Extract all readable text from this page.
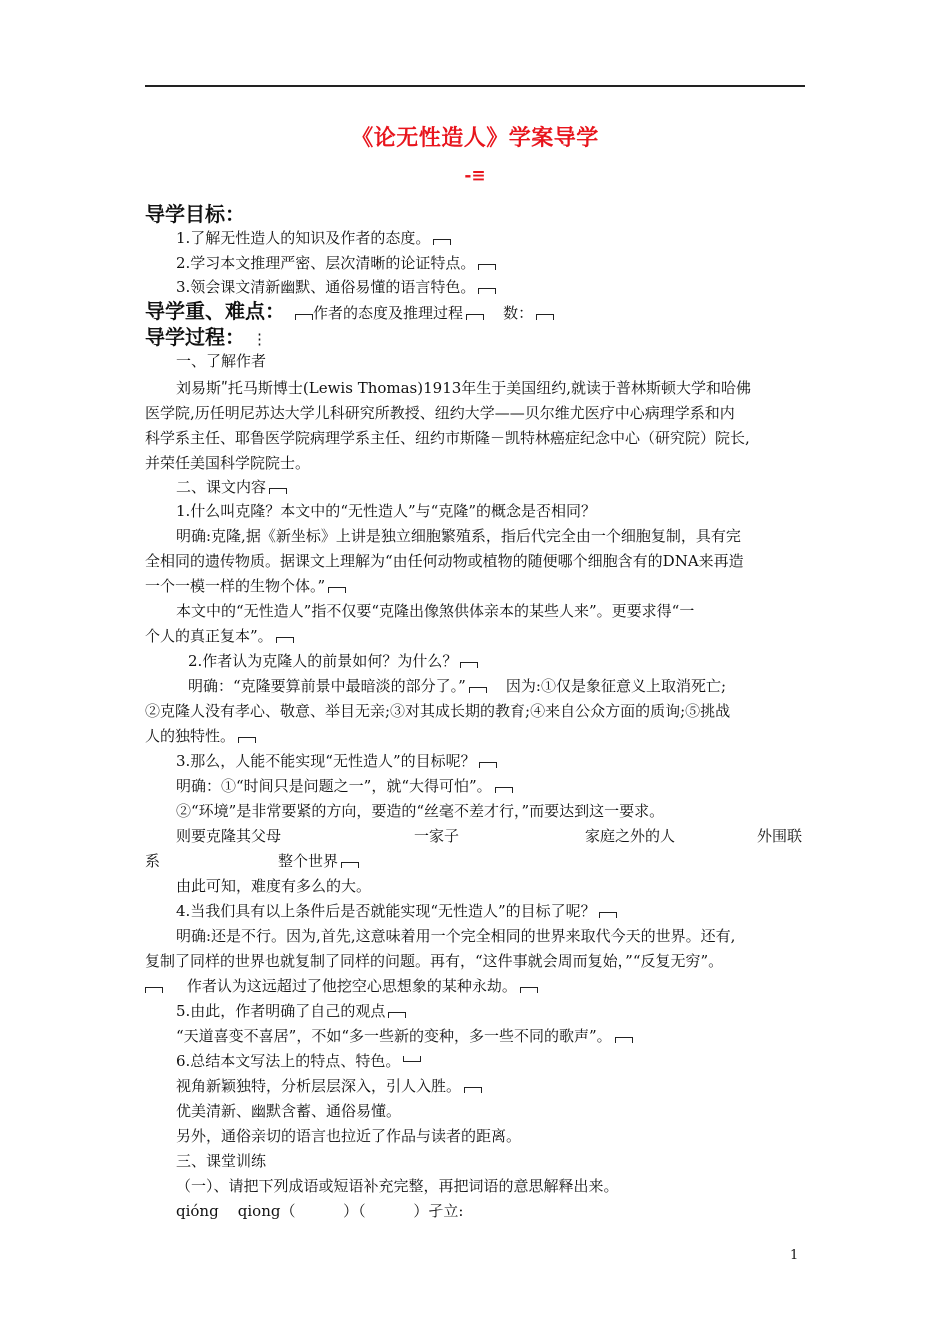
《论无性造人》学案导学
-≡
导学目标：
1.了解无性造人的知识及作者的态度。
2.学习本文推理严密、层次清晰的论证特点。
3.领会课文清新幽默、通俗易懂的语言特色。
导学重、难点： 作者的态度及推理过程	数：
导学过程： ⋮
一、了解作者
刘易斯ʺ托马斯博士(Lewis Thomas)1913年生于美国纽约,就读于普林斯顿大学和哈佛
医学院,历任明尼苏达大学儿科研究所教授、纽约大学——贝尔维尤医疗中心病理学系和内
科学系主任、耶鲁医学院病理学系主任、纽约市斯隆－凯特林癌症纪念中心（研究院）院长,
并荣任美国科学院院士。
二、课文内容
1.什么叫克隆？本文中的“无性造人”与“克隆”的概念是否相同？
明确:克隆,据《新坐标》上讲是独立细胞繁殖系，指后代完全由一个细胞复制，具有完
全相同的遗传物质。据课文上理解为“由任何动物或植物的随便哪个细胞含有的DNA来再造
一个一模一样的生物个体。”
本文中的“无性造人”指不仅要“克隆出像煞供体亲本的某些人来”。更要求得“一
个人的真正复本”。
2.作者认为克隆人的前景如何？为什么？
明确：“克隆要算前景中最暗淡的部分了。”	因为:①仅是象征意义上取消死亡;
②克隆人没有孝心、敬意、举目无亲;③对其成长期的教育;④来自公众方面的质询;⑤挑战
人的独特性。
3.那么，人能不能实现“无性造人”的目标呢？
明确：①“时间只是问题之一”，就“大得可怕”。
②“环境”是非常要紧的方向，要造的“丝毫不差才行，”而要达到这一要求。
则要克隆其父母	一家子	家庭之外的人	外围联
系	整个世界
由此可知，难度有多么的大。
4.当我们具有以上条件后是否就能实现“无性造人”的目标了呢？
明确:还是不行。因为,首先,这意味着用一个完全相同的世界来取代今天的世界。还有,
复制了同样的世界也就复制了同样的问题。再有，“这件事就会周而复始，”“反复无穷”。
作者认为这远超过了他挖空心思想象的某种永劫。
5.由此，作者明确了自己的观点
“天道喜变不喜居”，不如“多一些新的变种，多一些不同的歌声”。
6.总结本文写法上的特点、特色。
视角新颖独特，分析层层深入，引人入胜。
优美清新、幽默含蓄、通俗易懂。
另外，通俗亲切的语言也拉近了作品与读者的距离。
三、课堂训练
（一）、请把下列成语或短语补充完整，再把词语的意思解释出来。
qióng    qiong（          ）（          ）孑立:
1
